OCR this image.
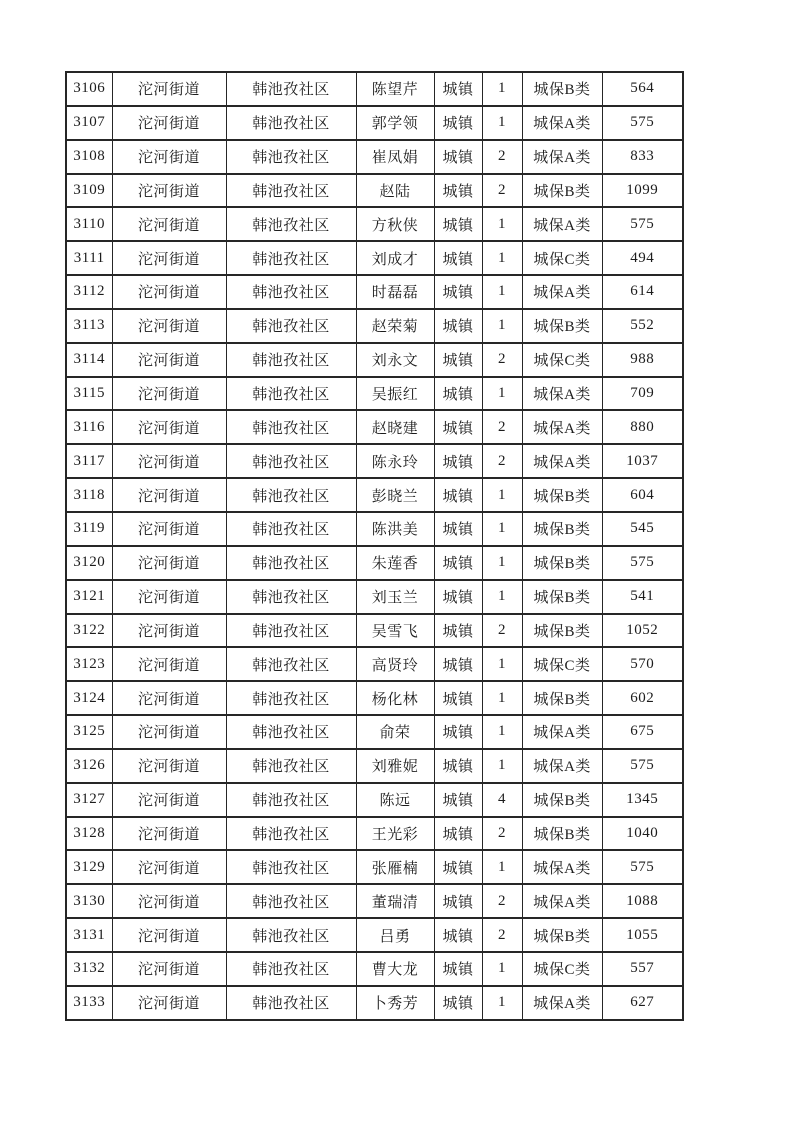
3106	沱河街道	韩池孜社区	陈望芹	城镇	1	城保B类	564
3107	沱河街道	韩池孜社区	郭学领	城镇	1	城保A类	575
3108	沱河街道	韩池孜社区	崔凤娟	城镇	2	城保A类	833
3109	沱河街道	韩池孜社区	赵陆	城镇	2	城保B类	1099
3110	沱河街道	韩池孜社区	方秋侠	城镇	1	城保A类	575
3111	沱河街道	韩池孜社区	刘成才	城镇	1	城保C类	494
3112	沱河街道	韩池孜社区	时磊磊	城镇	1	城保A类	614
3113	沱河街道	韩池孜社区	赵荣菊	城镇	1	城保B类	552
3114	沱河街道	韩池孜社区	刘永文	城镇	2	城保C类	988
3115	沱河街道	韩池孜社区	吴振红	城镇	1	城保A类	709
3116	沱河街道	韩池孜社区	赵晓建	城镇	2	城保A类	880
3117	沱河街道	韩池孜社区	陈永玲	城镇	2	城保A类	1037
3118	沱河街道	韩池孜社区	彭晓兰	城镇	1	城保B类	604
3119	沱河街道	韩池孜社区	陈洪美	城镇	1	城保B类	545
3120	沱河街道	韩池孜社区	朱莲香	城镇	1	城保B类	575
3121	沱河街道	韩池孜社区	刘玉兰	城镇	1	城保B类	541
3122	沱河街道	韩池孜社区	吴雪飞	城镇	2	城保B类	1052
3123	沱河街道	韩池孜社区	高贤玲	城镇	1	城保C类	570
3124	沱河街道	韩池孜社区	杨化林	城镇	1	城保B类	602
3125	沱河街道	韩池孜社区	俞荣	城镇	1	城保A类	675
3126	沱河街道	韩池孜社区	刘雅妮	城镇	1	城保A类	575
3127	沱河街道	韩池孜社区	陈远	城镇	4	城保B类	1345
3128	沱河街道	韩池孜社区	王光彩	城镇	2	城保B类	1040
3129	沱河街道	韩池孜社区	张雁楠	城镇	1	城保A类	575
3130	沱河街道	韩池孜社区	董瑞清	城镇	2	城保A类	1088
3131	沱河街道	韩池孜社区	吕勇	城镇	2	城保B类	1055
3132	沱河街道	韩池孜社区	曹大龙	城镇	1	城保C类	557
3133	沱河街道	韩池孜社区	卜秀芳	城镇	1	城保A类	627
